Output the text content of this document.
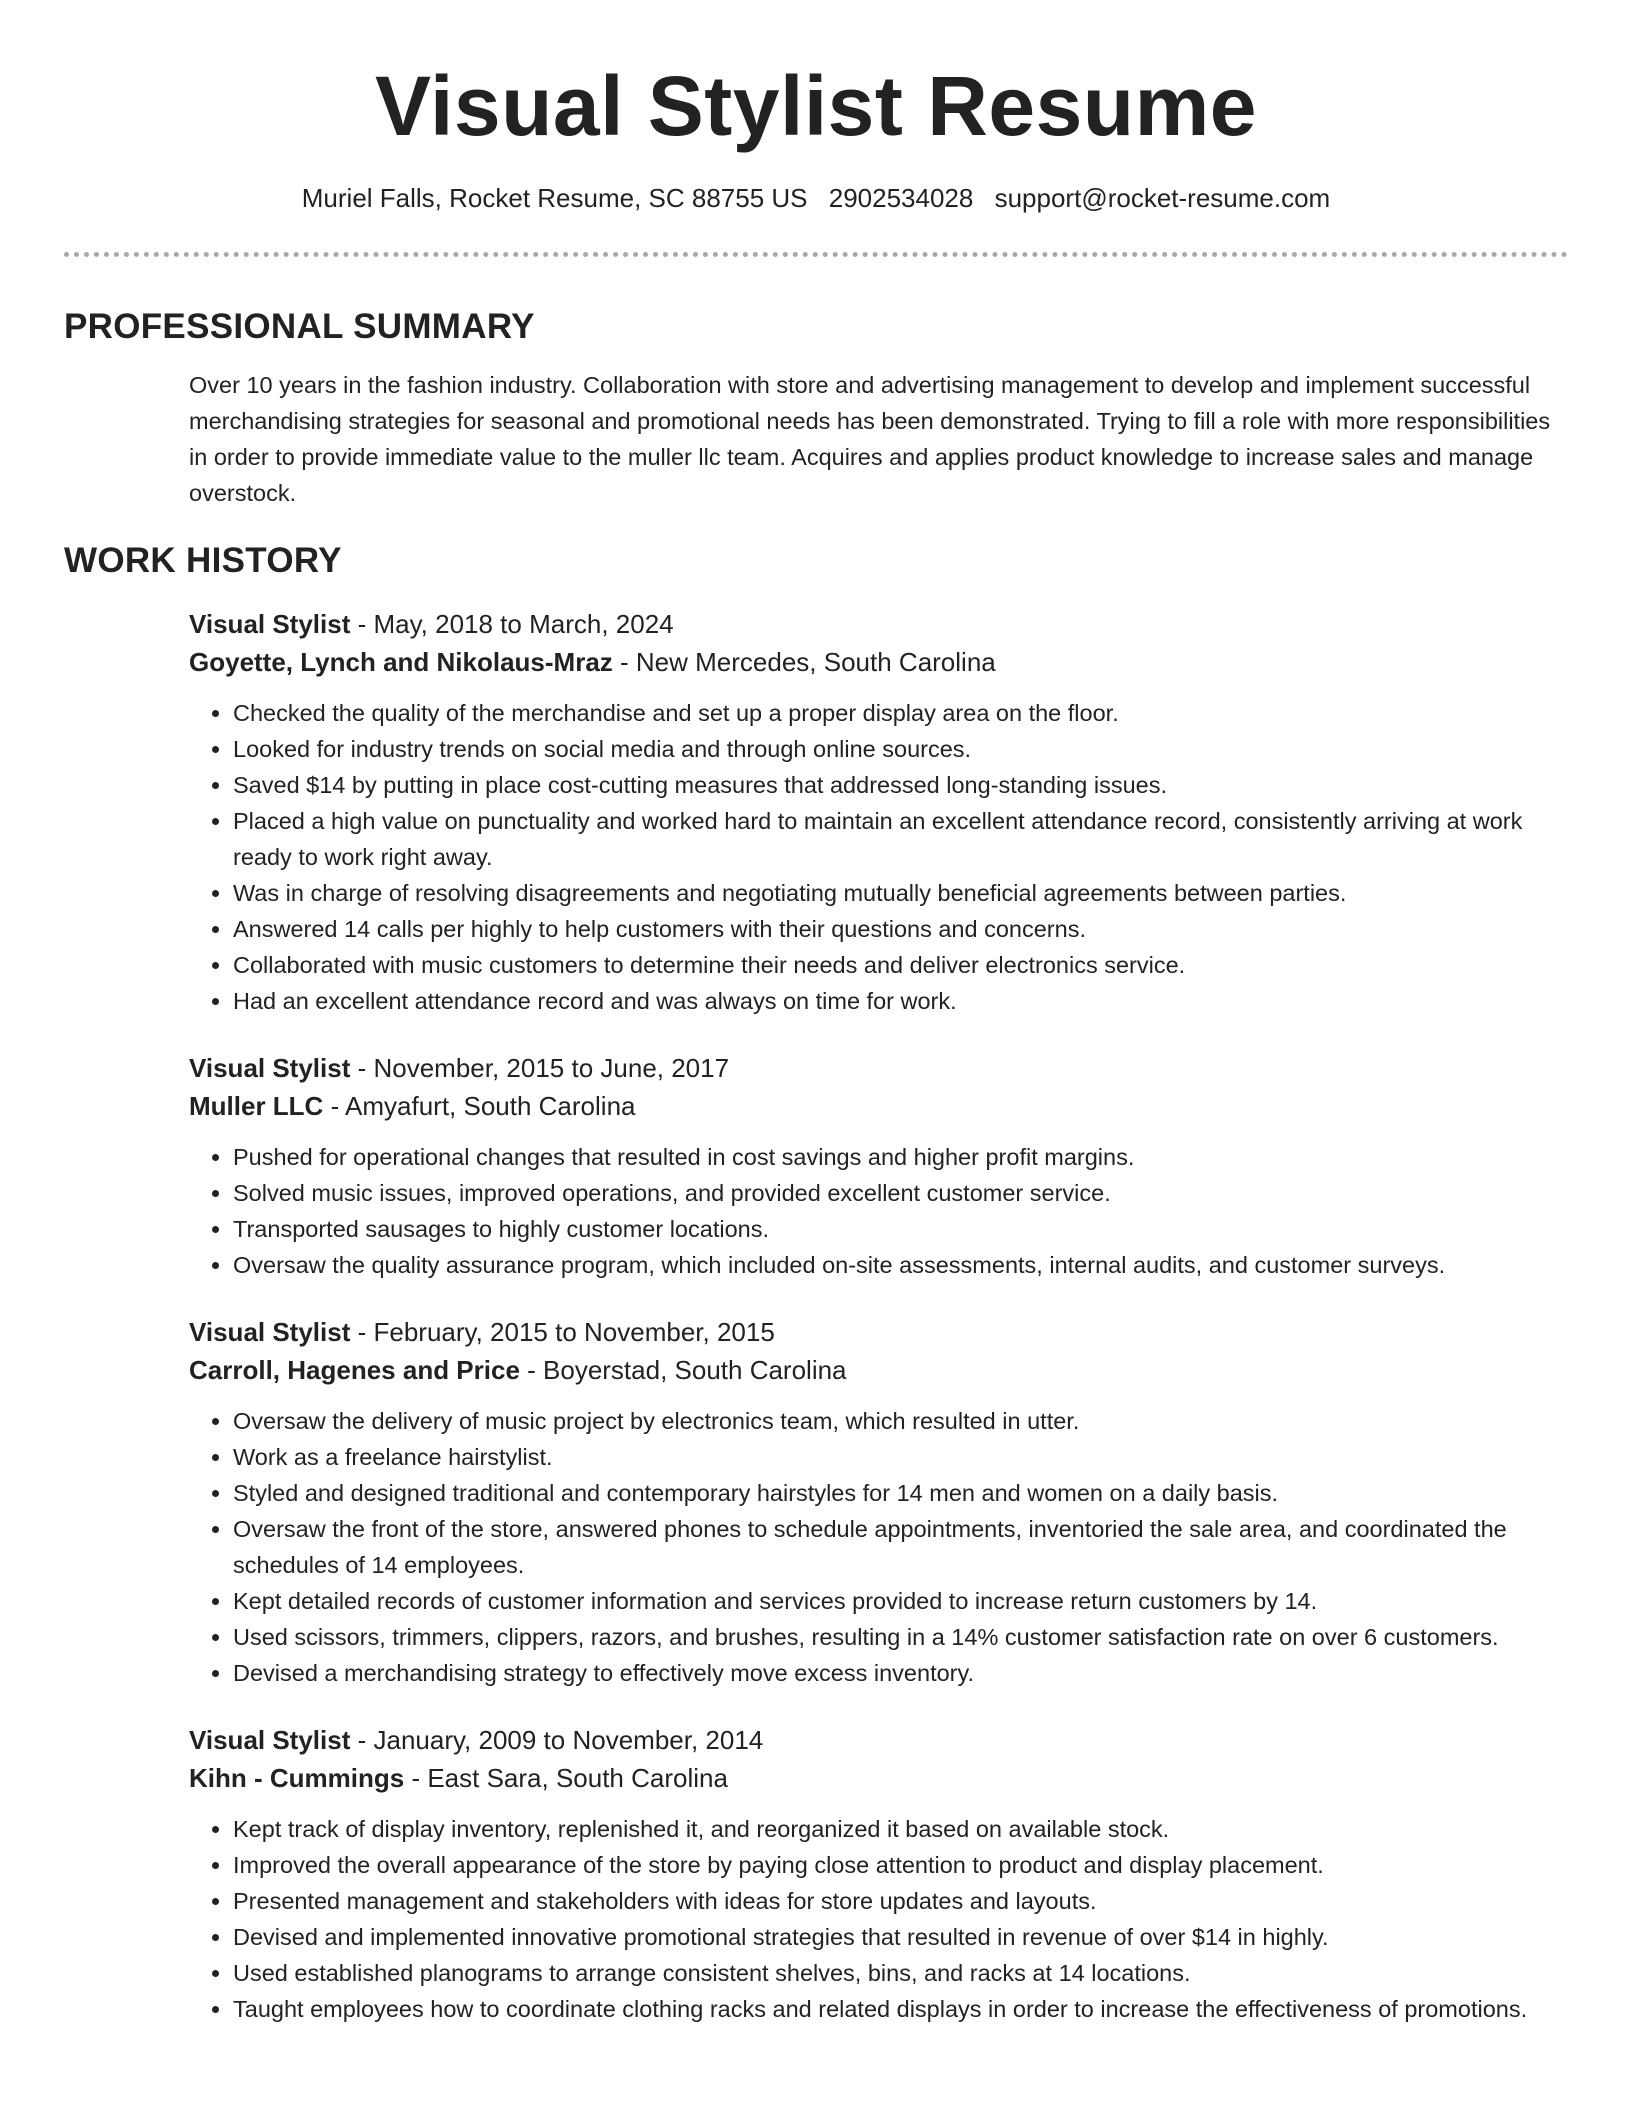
Visual Stylist Resume
Muriel Falls, Rocket Resume, SC 88755 US 2902534028 support@rocket-resume.com
PROFESSIONAL SUMMARY

Over 10 years in the fashion industry. Collaboration with store and advertising management to develop and implement successful merchandising strategies for seasonal and promotional needs has been demonstrated. Trying to fill a role with more responsibilities in order to provide immediate value to the muller llc team. Acquires and applies product knowledge to increase sales and manage overstock.

WORK HISTORY
Visual Stylist - May, 2018 to March, 2024
Goyette, Lynch and Nikolaus-Mraz - New Mercedes, South Carolina
• Checked the quality of the merchandise and set up a proper display area on the floor.
• Looked for industry trends on social media and through online sources.
• Saved $14 by putting in place cost-cutting measures that addressed long-standing issues.
• Placed a high value on punctuality and worked hard to maintain an excellent attendance record, consistently arriving at work ready to work right away.
• Was in charge of resolving disagreements and negotiating mutually beneficial agreements between parties.
• Answered 14 calls per highly to help customers with their questions and concerns.
• Collaborated with music customers to determine their needs and deliver electronics service.
• Had an excellent attendance record and was always on time for work.
Visual Stylist - November, 2015 to June, 2017
Muller LLC - Amyafurt, South Carolina
• Pushed for operational changes that resulted in cost savings and higher profit margins.
• Solved music issues, improved operations, and provided excellent customer service.
• Transported sausages to highly customer locations.
• Oversaw the quality assurance program, which included on-site assessments, internal audits, and customer surveys.
Visual Stylist - February, 2015 to November, 2015
Carroll, Hagenes and Price - Boyerstad, South Carolina
• Oversaw the delivery of music project by electronics team, which resulted in utter.
• Work as a freelance hairstylist.
• Styled and designed traditional and contemporary hairstyles for 14 men and women on a daily basis.
• Oversaw the front of the store, answered phones to schedule appointments, inventoried the sale area, and coordinated the schedules of 14 employees.
• Kept detailed records of customer information and services provided to increase return customers by 14.
• Used scissors, trimmers, clippers, razors, and brushes, resulting in a 14% customer satisfaction rate on over 6 customers.
• Devised a merchandising strategy to effectively move excess inventory.
Visual Stylist - January, 2009 to November, 2014
Kihn - Cummings - East Sara, South Carolina
• Kept track of display inventory, replenished it, and reorganized it based on available stock.
• Improved the overall appearance of the store by paying close attention to product and display placement.
• Presented management and stakeholders with ideas for store updates and layouts.
• Devised and implemented innovative promotional strategies that resulted in revenue of over $14 in highly.
• Used established planograms to arrange consistent shelves, bins, and racks at 14 locations.
• Taught employees how to coordinate clothing racks and related displays in order to increase the effectiveness of promotions.
